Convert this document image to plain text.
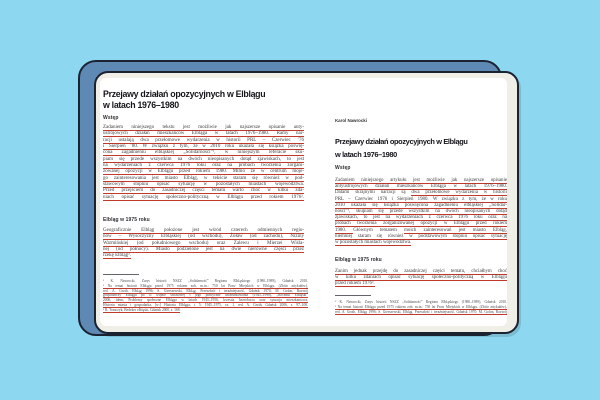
Przejawy działań opozycyjnych w Elblągu
w latach 1976–1980
Wstęp
Zadaniem niniejszego tekstu jest możliwie jak najszersze opisanie anty-
ustrojowych działań mieszkańców Elbląga w latach 1976–1980. Ramy nar-
racji ustalają dwa przełomowe wydarzenia w historii PRL – Czerwiec ’76
i Sierpień ’80. W związku z tym, że w 2010 roku ukazała się książka poświę-
cona zagadnieniu elbląskiej „Solidarności”¹, w niniejszym referacie sku-
piam się przede wszystkim na dwóch nieopisanych dotąd zjawiskach, to jest
na wydarzeniach z czerwca 1976 roku oraz na próbach tworzenia zorgani-
zowanej opozycji w Elblągu przed rokiem 1980. Mimo że w centrum moje-
go zainteresowania jest miasto Elbląg, w tekście staram się również w pod-
stawowym stopniu opisać sytuację w pozostałych miastach województwa.
Przed przejściem do zasadniczej części tematu warto choć w kilku zda-
niach opisać sytuację społeczno-polityczną w Elblągu przed rokiem 1976².
Elbląg w 1975 roku
Geograficznie Elbląg położone jest wśród czterech odmiennych regio-
nów – Wysoczyzny Elbląskiej (od wschodu), Żuław (od zachodu), Niziny
Warmińskiej (od południowego wschodu) oraz Zalewu i Mierzei Wiśla-
nej (od północy). Miasto podzielone jest na dwie nierówne części przez
rzekę Elbląg³.
¹ K. Nawrocki, Zarys historii NSZZ „Solidarność” Regionu Elbląskiego (1980–1989), Gdańsk 2010.
² Na temat historii Elbląga przed 1975 rokiem zob. m.in.: 750 lat Praw Miejskich w Elblągu. (Zbiór artykułów),
red. A. Groth, Elbląg 1996; S. Gierszewski, Elbląg. Przeszłość i teraźniejszość, Gdańsk 1970; M. Golon, Rozwój
gospodarczy Elbląga po II wojnie światowej i jego polityczne uwarunkowania (1945–1990), „Rocznik Elbląski”
2006, idem, Problemy społeczne Elbląga w latach 1945–1956, kwestia bezrobocia oraz sytuacja mieszkaniowa,
Historia miasta i gospodarka, [w:] Historia Elbląga, t. 5: 1945–1975, cz. 1, red. A. Groth, Gdańsk 2006, s. 97–108.
³ R. Tomczyk, Bedeker elbląski, Gdańsk 2000, s. 168.
Karol Nawrocki
Przejawy działań opozycyjnych w Elblągu
w latach 1976–1980
Wstęp
Zadaniem niniejszego artykułu jest możliwie jak najszersze opisanie
antyustrojowych działań mieszkańców Elbląga w latach 1976–1980.
Datami skrajnymi narracji są dwa przełomowe wydarzenia w historii
PRL – Czerwiec 1976 i Sierpień 1980. W związku z tym, że w roku
2010 ukazała się książka poświęcona zagadnieniu elbląskiej „Solidar-
ności”¹, skupiam się przede wszystkim na dwóch nieopisanych dotąd
zjawiskach, to jest na wydarzeniach z czerwca 1976 roku oraz na
próbach tworzenia zorganizowanej opozycji w Elblągu przed rokiem
1980. Głównym tematem moich zainteresowań jest miasto Elbląg,
niemniej staram się również w podstawowym stopniu opisać sytuację
w pozostałych miastach województwa.
Elbląg w 1975 roku
Zanim jednak przejdę do zasadniczej części tematu, chciałbym choć
w kilku zdaniach opisać sytuację społeczno-polityczną w Elblągu
przed rokiem 1976².
¹ K. Nawrocki, Zarys historii NSZZ „Solidarność” Regionu Elbląskiego (1980–1989), Gdańsk 2010.
² Na temat historii Elbląga przed 1975 rokiem zob. m.in.: 750 lat Praw Miejskich w Elblągu. (Zbiór artykułów),
red. A. Groth, Elbląg 1996; S. Gierszewski, Elbląg. Przeszłość i teraźniejszość, Gdańsk 1970; M. Golon, Rozwój
